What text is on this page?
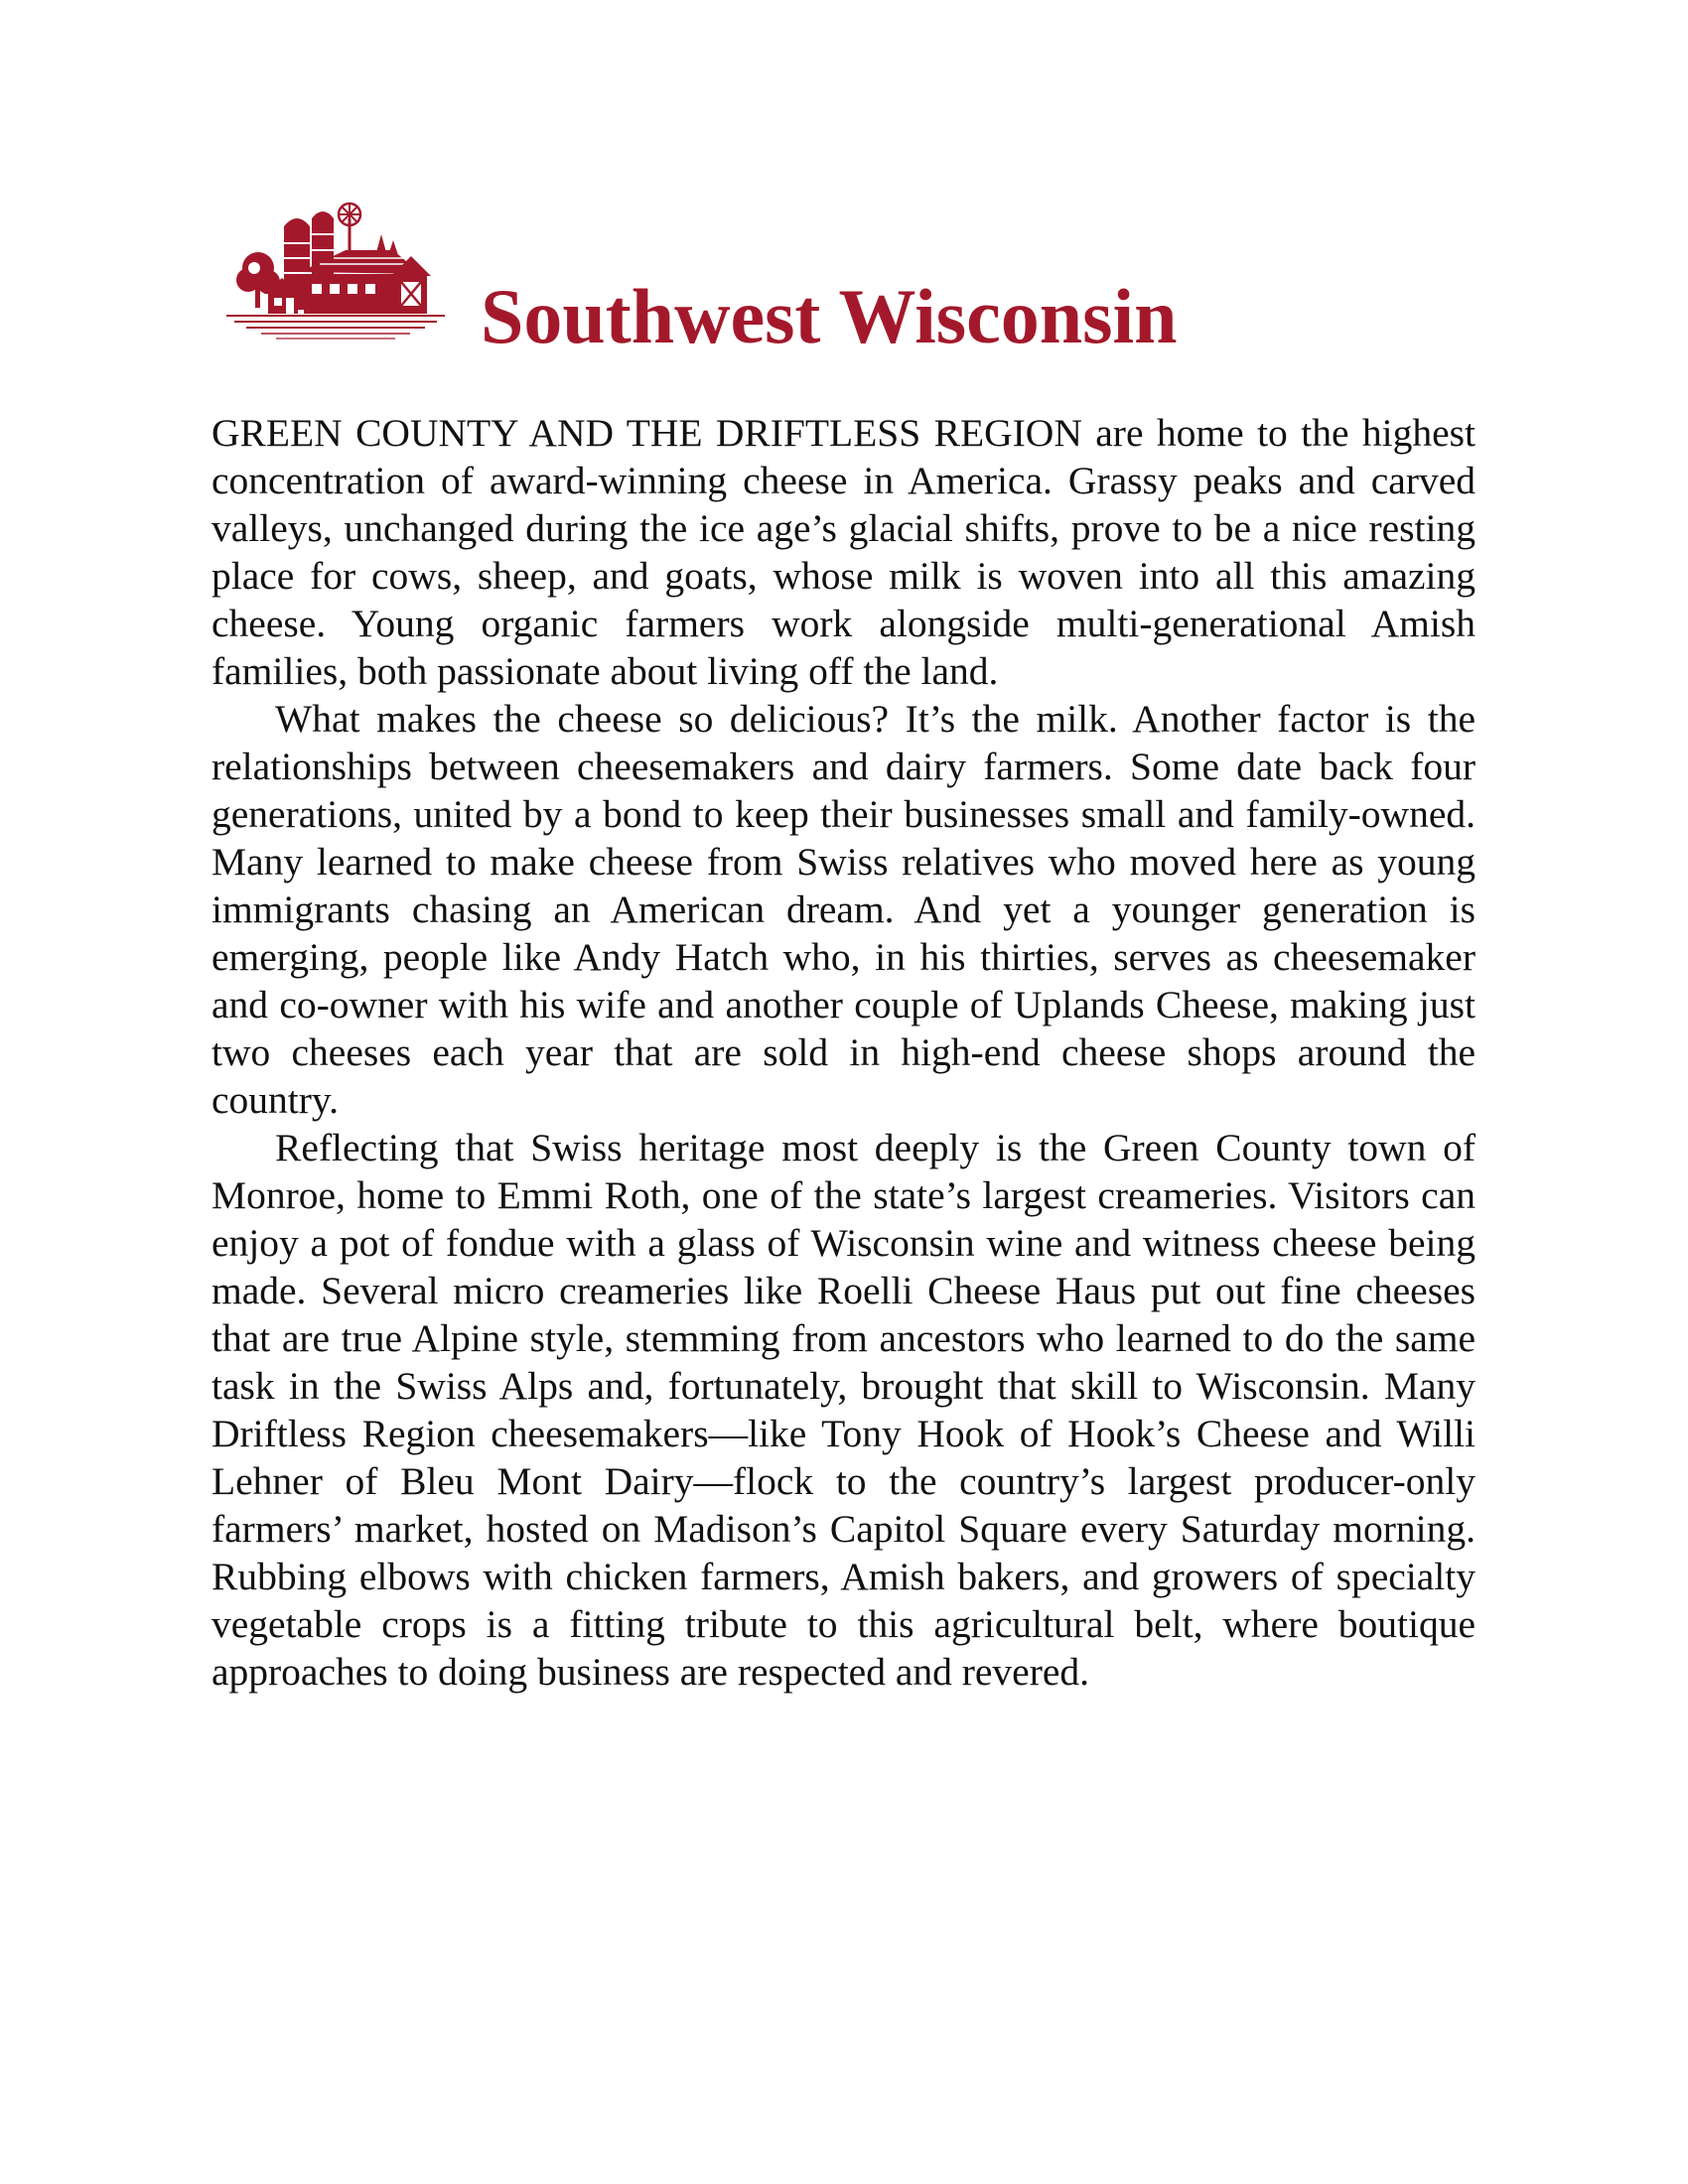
Southwest Wisconsin

GREEN COUNTY AND THE DRIFTLESS REGION are home to the highest concentration of award-winning cheese in America. Grassy peaks and carved valleys, unchanged during the ice age’s glacial shifts, prove to be a nice resting place for cows, sheep, and goats, whose milk is woven into all this amazing cheese. Young organic farmers work alongside multi-generational Amish families, both passionate about living off the land.

What makes the cheese so delicious? It’s the milk. Another factor is the relationships between cheesemakers and dairy farmers. Some date back four generations, united by a bond to keep their businesses small and family-owned. Many learned to make cheese from Swiss relatives who moved here as young immigrants chasing an American dream. And yet a younger generation is emerging, people like Andy Hatch who, in his thirties, serves as cheesemaker and co-owner with his wife and another couple of Uplands Cheese, making just two cheeses each year that are sold in high-end cheese shops around the country.

Reflecting that Swiss heritage most deeply is the Green County town of Monroe, home to Emmi Roth, one of the state’s largest creameries. Visitors can enjoy a pot of fondue with a glass of Wisconsin wine and witness cheese being made. Several micro creameries like Roelli Cheese Haus put out fine cheeses that are true Alpine style, stemming from ancestors who learned to do the same task in the Swiss Alps and, fortunately, brought that skill to Wisconsin. Many Driftless Region cheesemakers—like Tony Hook of Hook’s Cheese and Willi Lehner of Bleu Mont Dairy—flock to the country’s largest producer-only farmers’ market, hosted on Madison’s Capitol Square every Saturday morning. Rubbing elbows with chicken farmers, Amish bakers, and growers of specialty vegetable crops is a fitting tribute to this agricultural belt, where boutique approaches to doing business are respected and revered.
